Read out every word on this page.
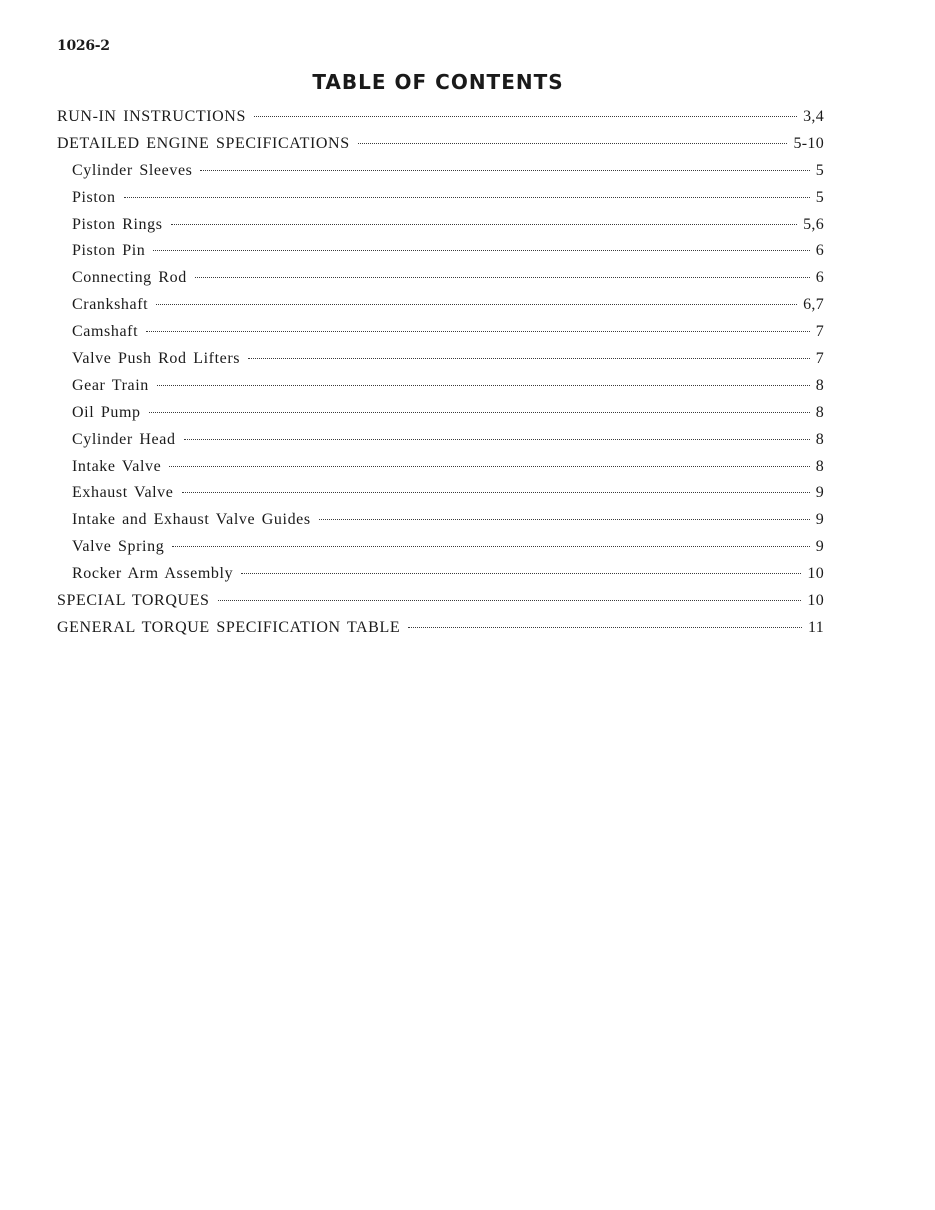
1026-2
TABLE OF CONTENTS
RUN-IN INSTRUCTIONS	3,4
DETAILED ENGINE SPECIFICATIONS	5-10
Cylinder Sleeves	5
Piston	5
Piston Rings	5,6
Piston Pin	6
Connecting Rod	6
Crankshaft	6,7
Camshaft	7
Valve Push Rod Lifters	7
Gear Train	8
Oil Pump	8
Cylinder Head	8
Intake Valve	8
Exhaust Valve	9
Intake and Exhaust Valve Guides	9
Valve Spring	9
Rocker Arm Assembly	10
SPECIAL TORQUES	10
GENERAL TORQUE SPECIFICATION TABLE	11
